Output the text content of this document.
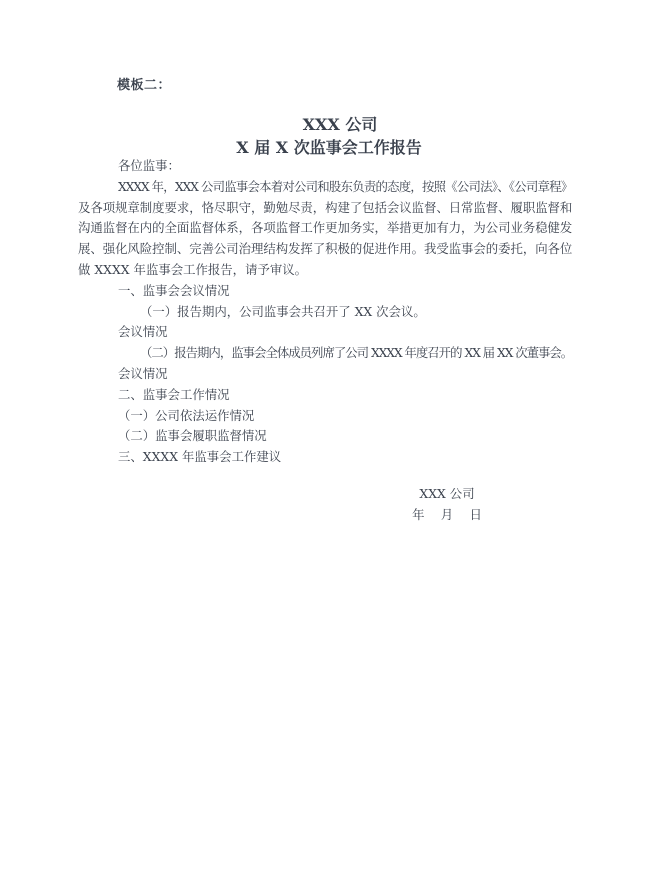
模板二：
XXX 公司
X 届 X 次监事会工作报告
各位监事：
XXXX 年，XXX 公司监事会本着对公司和股东负责的态度，按照《公司法》、《公司章程》
及各项规章制度要求，恪尽职守，勤勉尽责，构建了包括会议监督、日常监督、履职监督和
沟通监督在内的全面监督体系，各项监督工作更加务实，举措更加有力，为公司业务稳健发
展、强化风险控制、完善公司治理结构发挥了积极的促进作用。我受监事会的委托，向各位
做 XXXX 年监事会工作报告，请予审议。
一、监事会会议情况
（一）报告期内，公司监事会共召开了 XX 次会议。
会议情况
（二）报告期内，监事会全体成员列席了公司 XXXX 年度召开的 XX 届 XX 次董事会。
会议情况
二、监事会工作情况
（一）公司依法运作情况
（二）监事会履职监督情况
三、XXXX 年监事会工作建议
XXX 公司
年　 月　 日
